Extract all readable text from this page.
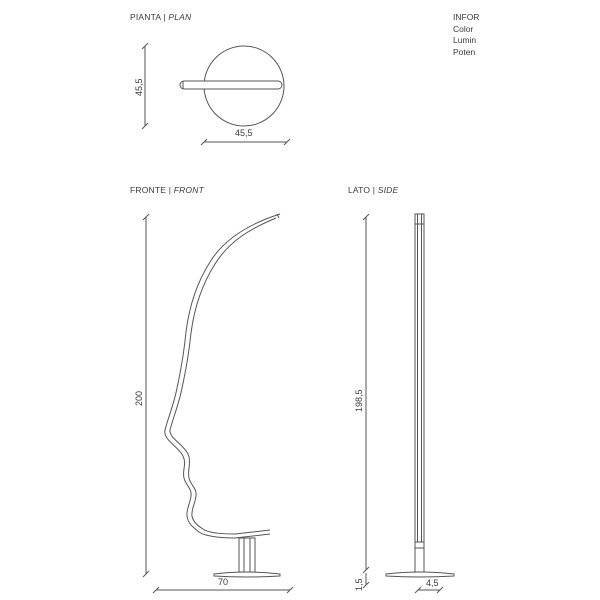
PIANTA | PLAN
FRONTE | FRONT	LATO | SIDE
INFOR
Color
Lumin
Poten
45,5
45,5
200
70
198,5
1,5	4,5
